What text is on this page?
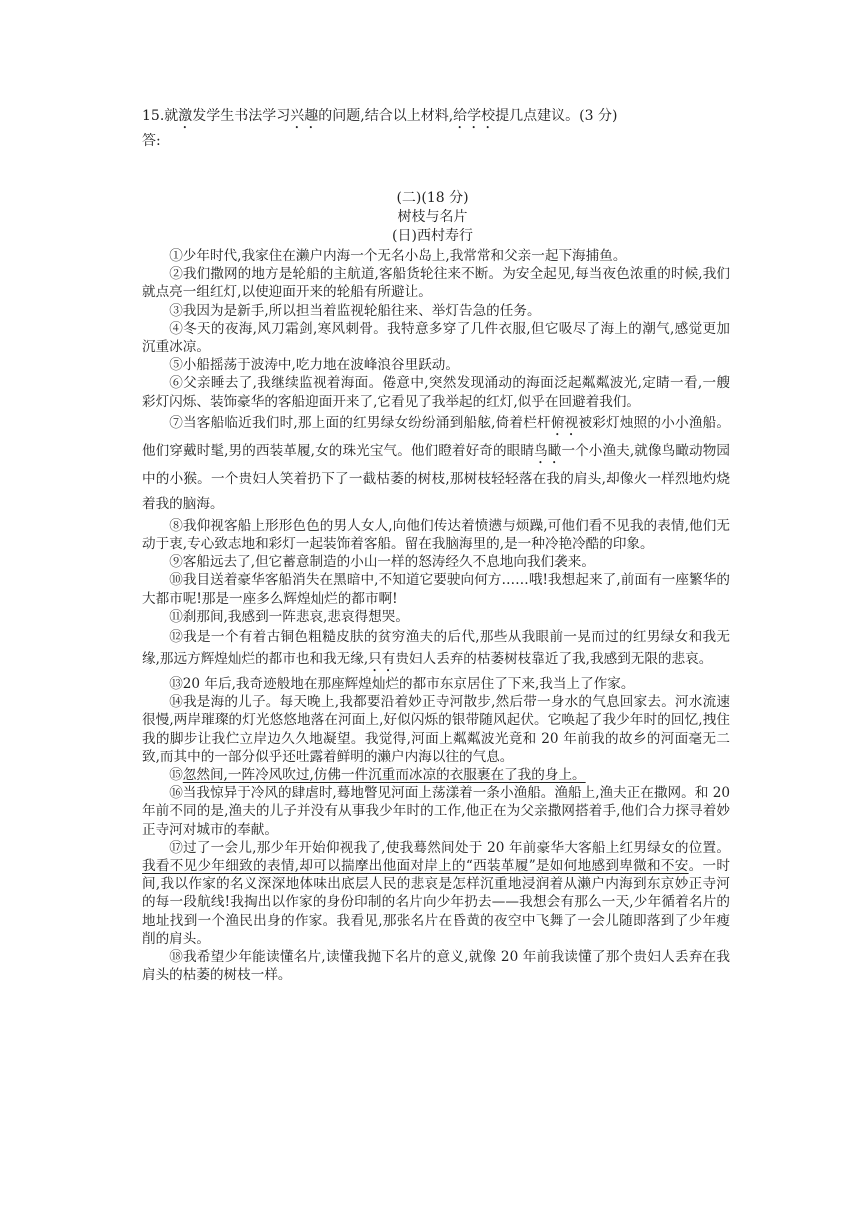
15.就激发学生书法学习兴趣的问题,结合以上材料,给学校提几点建议。(3 分)
答:
(二)(18 分)
树枝与名片
(日)西村寿行

①少年时代,我家住在濑户内海一个无名小岛上,我常常和父亲一起下海捕鱼。

②我们撒网的地方是轮船的主航道,客船货轮往来不断。为安全起见,每当夜色浓重的时候,我们就点亮一组红灯,以使迎面开来的轮船有所避让。

③我因为是新手,所以担当着监视轮船往来、举灯告急的任务。

④冬天的夜海,风刀霜剑,寒风刺骨。我特意多穿了几件衣服,但它吸尽了海上的潮气,感觉更加沉重冰凉。

⑤小船摇荡于波涛中,吃力地在波峰浪谷里跃动。

⑥父亲睡去了,我继续监视着海面。倦意中,突然发现涌动的海面泛起粼粼波光,定睛一看,一艘彩灯闪烁、装饰豪华的客船迎面开来了,它看见了我举起的红灯,似乎在回避着我们。

⑦当客船临近我们时,那上面的红男绿女纷纷涌到船舷,倚着栏杆俯视被彩灯烛照的小小渔船。他们穿戴时髦,男的西装革履,女的珠光宝气。他们瞪着好奇的眼睛鸟瞰一个小渔夫,就像鸟瞰动物园中的小猴。一个贵妇人笑着扔下了一截枯萎的树枝,那树枝轻轻落在我的肩头,却像火一样烈地灼烧着我的脑海。

⑧我仰视客船上形形色色的男人女人,向他们传达着愤懑与烦躁,可他们看不见我的表情,他们无动于衷,专心致志地和彩灯一起装饰着客船。留在我脑海里的,是一种冷艳冷酷的印象。

⑨客船远去了,但它蓄意制造的小山一样的怒涛经久不息地向我们袭来。

⑩我目送着豪华客船消失在黑暗中,不知道它要驶向何方……哦!我想起来了,前面有一座繁华的大都市呢!那是一座多么辉煌灿烂的都市啊!

⑪刹那间,我感到一阵悲哀,悲哀得想哭。

⑫我是一个有着古铜色粗糙皮肤的贫穷渔夫的后代,那些从我眼前一晃而过的红男绿女和我无缘,那远方辉煌灿烂的都市也和我无缘,只有贵妇人丢弃的枯萎树枝靠近了我,我感到无限的悲哀。

⑬20 年后,我奇迹般地在那座辉煌灿烂的都市东京居住了下来,我当上了作家。

⑭我是海的儿子。每天晚上,我都要沿着妙正寺河散步,然后带一身水的气息回家去。河水流速很慢,两岸璀璨的灯光悠悠地落在河面上,好似闪烁的银带随风起伏。它唤起了我少年时的回忆,拽住我的脚步让我伫立岸边久久地凝望。我觉得,河面上粼粼波光竟和 20 年前我的故乡的河面毫无二致,而其中的一部分似乎还吐露着鲜明的濑户内海以往的气息。

⑮忽然间,一阵冷风吹过,仿佛一件沉重而冰凉的衣服裹在了我的身上。

⑯当我惊异于冷风的肆虐时,蓦地瞥见河面上荡漾着一条小渔船。渔船上,渔夫正在撒网。和 20 年前不同的是,渔夫的儿子并没有从事我少年时的工作,他正在为父亲撒网搭着手,他们合力探寻着妙正寺河对城市的奉献。

⑰过了一会儿,那少年开始仰视我了,使我蓦然间处于 20 年前豪华大客船上红男绿女的位置。我看不见少年细致的表情,却可以揣摩出他面对岸上的“西装革履”是如何地感到卑微和不安。一时间,我以作家的名义深深地体味出底层人民的悲哀是怎样沉重地浸润着从濑户内海到东京妙正寺河的每一段航线!我掏出以作家的身份印制的名片向少年扔去——我想会有那么一天,少年循着名片的地址找到一个渔民出身的作家。我看见,那张名片在昏黄的夜空中飞舞了一会儿随即落到了少年瘦削的肩头。

⑱我希望少年能读懂名片,读懂我抛下名片的意义,就像 20 年前我读懂了那个贵妇人丢弃在我肩头的枯萎的树枝一样。
